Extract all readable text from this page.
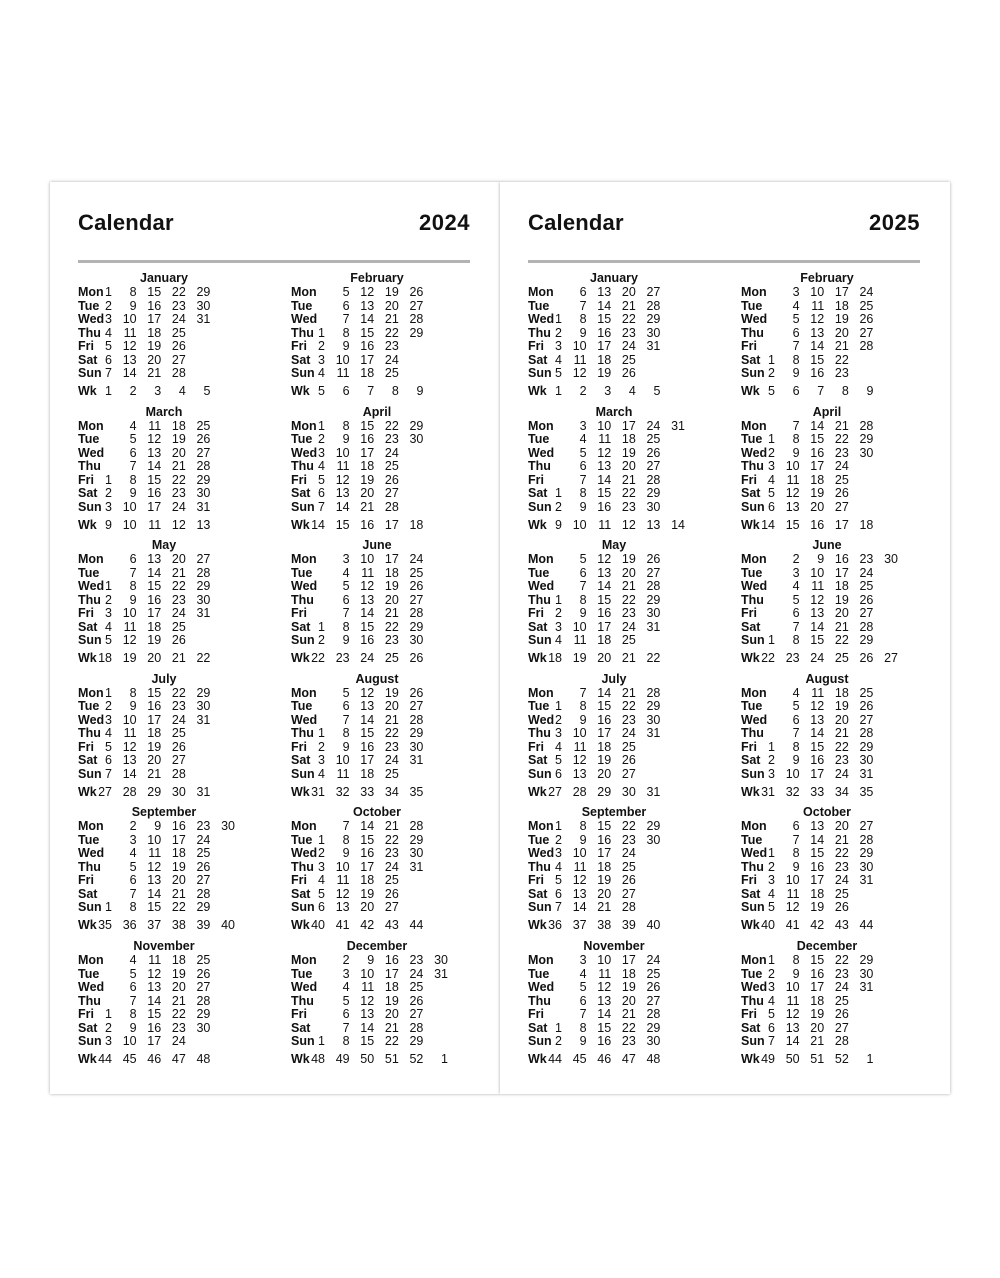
Calendar	2024
January
Mon 1	8 15 22 29
Tue 2	9 16 23 30
Wed 3 10 17 24 31
Thu 4 11 18 25
Fri 5 12 19 26
Sat 6 13 20 27
Sun 7 14 21 28
Wk 1	2	3	4	5
February
Mon	5 12 19 26
Tue	6 13 20 27
Wed	7 14 21 28
Thu 1	8 15 22 29
Fri 2	9 16 23
Sat 3 10 17 24
Sun 4 11 18 25
Wk 5	6	7	8	9
March
Mon	4 11 18 25
Tue	5 12 19 26
Wed	6 13 20 27
Thu	7 14 21 28
Fri 1	8 15 22 29
Sat 2	9 16 23 30
Sun 3 10 17 24 31
Wk 9 10 11 12 13
April
Mon 1	8 15 22 29
Tue 2	9 16 23 30
Wed 3 10 17 24
Thu 4 11 18 25
Fri 5 12 19 26
Sat 6 13 20 27
Sun 7 14 21 28
Wk 14 15 16 17 18
May
Mon	6 13 20 27
Tue	7 14 21 28
Wed 1	8 15 22 29
Thu 2	9 16 23 30
Fri 3 10 17 24 31
Sat 4 11 18 25
Sun 5 12 19 26
Wk 18 19 20 21 22
June
Mon	3 10 17 24
Tue	4 11 18 25
Wed	5 12 19 26
Thu	6 13 20 27
Fri	7 14 21 28
Sat 1	8 15 22 29
Sun 2	9 16 23 30
Wk 22 23 24 25 26
July
Mon 1	8 15 22 29
Tue 2	9 16 23 30
Wed 3 10 17 24 31
Thu 4 11 18 25
Fri 5 12 19 26
Sat 6 13 20 27
Sun 7 14 21 28
Wk 27 28 29 30 31
August
Mon	5 12 19 26
Tue	6 13 20 27
Wed	7 14 21 28
Thu 1	8 15 22 29
Fri 2	9 16 23 30
Sat 3 10 17 24 31
Sun 4 11 18 25
Wk 31 32 33 34 35
September
Mon	2	9 16 23 30
Tue	3 10 17 24
Wed	4 11 18 25
Thu	5 12 19 26
Fri	6 13 20 27
Sat	7 14 21 28
Sun 1	8 15 22 29
Wk 35 36 37 38 39 40
October
Mon	7 14 21 28
Tue 1	8 15 22 29
Wed 2	9 16 23 30
Thu 3 10 17 24 31
Fri 4 11 18 25
Sat 5 12 19 26
Sun 6 13 20 27
Wk 40 41 42 43 44
November
Mon	4 11 18 25
Tue	5 12 19 26
Wed	6 13 20 27
Thu	7 14 21 28
Fri 1	8 15 22 29
Sat 2	9 16 23 30
Sun 3 10 17 24
Wk 44 45 46 47 48
December
Mon	2	9 16 23 30
Tue	3 10 17 24 31
Wed	4 11 18 25
Thu	5 12 19 26
Fri	6 13 20 27
Sat	7 14 21 28
Sun 1	8 15 22 29
Wk 48 49 50 51 52	1
Calendar	2025
January
Mon	6 13 20 27
Tue	7 14 21 28
Wed 1	8 15 22 29
Thu 2	9 16 23 30
Fri 3 10 17 24 31
Sat 4 11 18 25
Sun 5 12 19 26
Wk 1	2	3	4	5
February
Mon	3 10 17 24
Tue	4 11 18 25
Wed	5 12 19 26
Thu	6 13 20 27
Fri	7 14 21 28
Sat 1	8 15 22
Sun 2	9 16 23
Wk 5	6	7	8	9
March
Mon	3 10 17 24 31
Tue	4 11 18 25
Wed	5 12 19 26
Thu	6 13 20 27
Fri	7 14 21 28
Sat 1	8 15 22 29
Sun 2	9 16 23 30
Wk 9 10 11 12 13 14
April
Mon	7 14 21 28
Tue 1	8 15 22 29
Wed 2	9 16 23 30
Thu 3 10 17 24
Fri 4 11 18 25
Sat 5 12 19 26
Sun 6 13 20 27
Wk 14 15 16 17 18
May
Mon	5 12 19 26
Tue	6 13 20 27
Wed	7 14 21 28
Thu 1	8 15 22 29
Fri 2	9 16 23 30
Sat 3 10 17 24 31
Sun 4 11 18 25
Wk 18 19 20 21 22
June
Mon	2	9 16 23 30
Tue	3 10 17 24
Wed	4 11 18 25
Thu	5 12 19 26
Fri	6 13 20 27
Sat	7 14 21 28
Sun 1	8 15 22 29
Wk 22 23 24 25 26 27
July
Mon	7 14 21 28
Tue 1	8 15 22 29
Wed 2	9 16 23 30
Thu 3 10 17 24 31
Fri 4 11 18 25
Sat 5 12 19 26
Sun 6 13 20 27
Wk 27 28 29 30 31
August
Mon	4 11 18 25
Tue	5 12 19 26
Wed	6 13 20 27
Thu	7 14 21 28
Fri 1	8 15 22 29
Sat 2	9 16 23 30
Sun 3 10 17 24 31
Wk 31 32 33 34 35
September
Mon 1	8 15 22 29
Tue 2	9 16 23 30
Wed 3 10 17 24
Thu 4 11 18 25
Fri 5 12 19 26
Sat 6 13 20 27
Sun 7 14 21 28
Wk 36 37 38 39 40
October
Mon	6 13 20 27
Tue	7 14 21 28
Wed 1	8 15 22 29
Thu 2	9 16 23 30
Fri 3 10 17 24 31
Sat 4 11 18 25
Sun 5 12 19 26
Wk 40 41 42 43 44
November
Mon	3 10 17 24
Tue	4 11 18 25
Wed	5 12 19 26
Thu	6 13 20 27
Fri	7 14 21 28
Sat 1	8 15 22 29
Sun 2	9 16 23 30
Wk 44 45 46 47 48
December
Mon 1	8 15 22 29
Tue 2	9 16 23 30
Wed 3 10 17 24 31
Thu 4 11 18 25
Fri 5 12 19 26
Sat 6 13 20 27
Sun 7 14 21 28
Wk 49 50 51 52	1
